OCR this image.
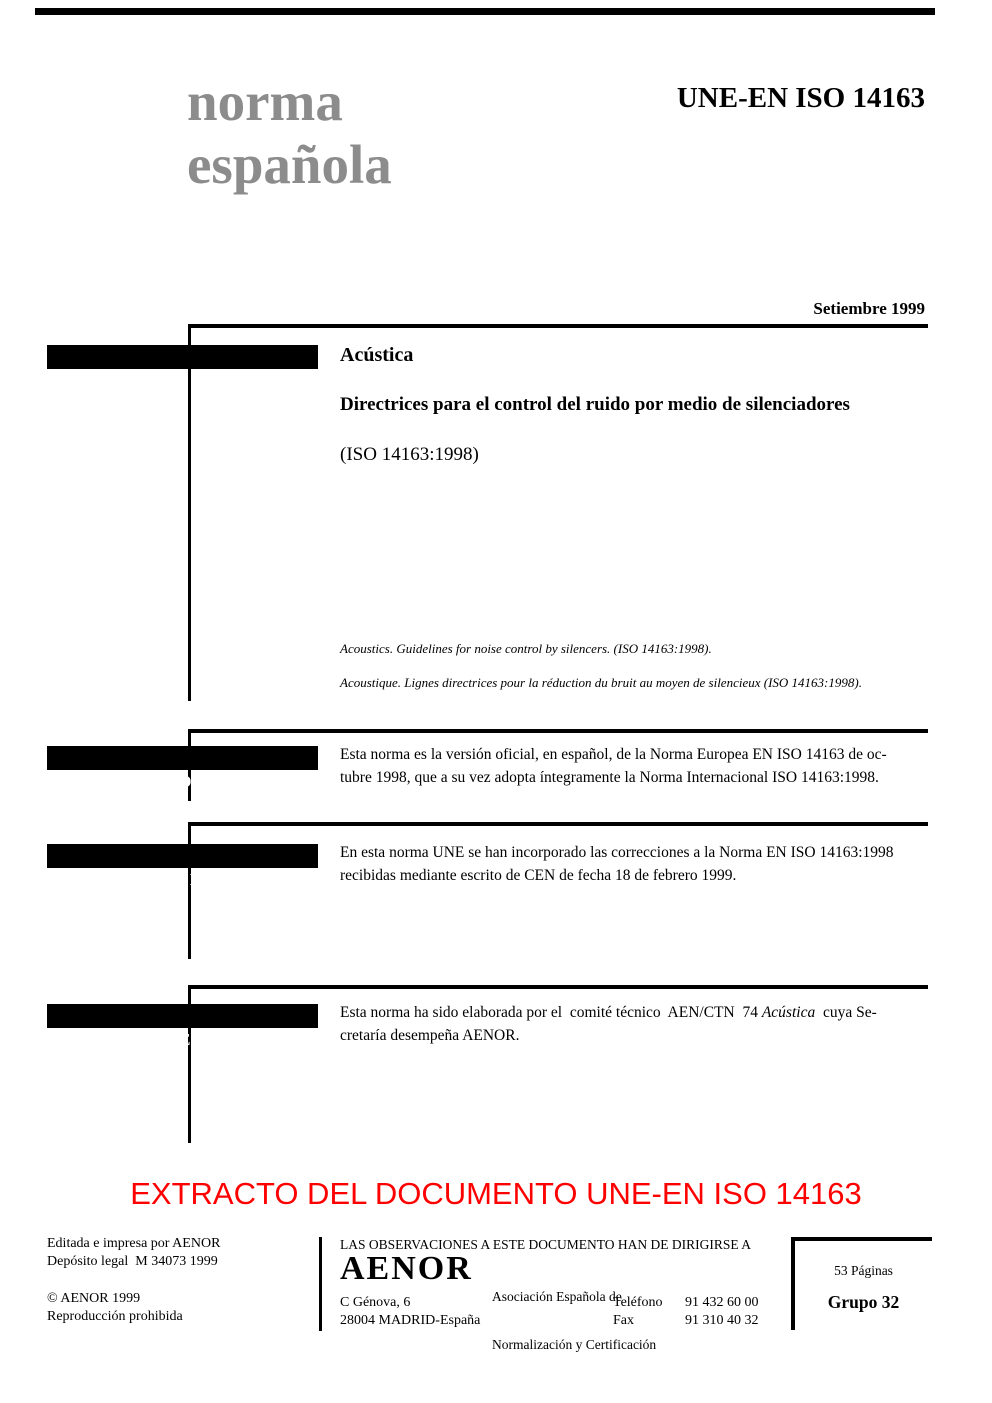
norma
española
UNE-EN ISO 14163
Setiembre 1999

TÍTULO

Acústica
Directrices para el control del ruido por medio de silenciadores
(ISO 14163:1998)
Acoustics. Guidelines for noise control by silencers. (ISO 14163:1998).
Acoustique. Lignes directrices pour la réduction du bruit au moyen de silencieux (ISO 14163:1998).

CORRESPONDENCIA

Esta norma es la versión oficial, en español, de la Norma Europea EN ISO 14163 de oc-
tubre 1998, que a su vez adopta íntegramente la Norma Internacional ISO 14163:1998.

OBSERVACIONES

En esta norma UNE se han incorporado las correcciones a la Norma EN ISO 14163:1998
recibidas mediante escrito de CEN de fecha 18 de febrero 1999.

ANTECEDENTES

Esta norma ha sido elaborada por el  comité técnico  AEN/CTN  74 Acústica  cuya Se-
cretaría desempeña AENOR.
EXTRACTO DEL DOCUMENTO UNE-EN ISO 14163
Editada e impresa por AENOR
Depósito legal  M 34073 1999
© AENOR 1999
Reproducción prohibida
LAS OBSERVACIONES A ESTE DOCUMENTO HAN DE DIRIGIRSE A
AENOR

Asociación Española de

Normalización y Certificación

C Génova, 6
28004 MADRID-España
Teléfono 91 432 60 00
Fax	91 310 40 32
53 Páginas
Grupo 32
